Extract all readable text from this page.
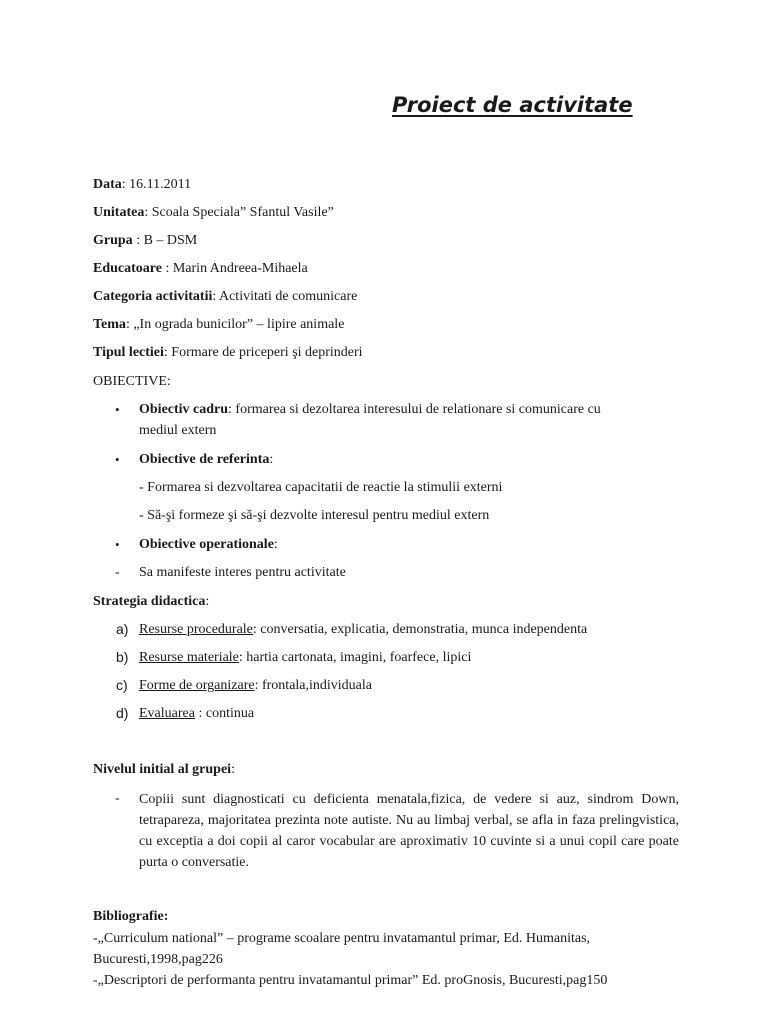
Proiect de activitate
Data: 16.11.2011
Unitatea: Scoala Speciala” Sfantul Vasile”
Grupa : B – DSM
Educatoare : Marin Andreea-Mihaela
Categoria activitatii: Activitati de comunicare
Tema: „In ograda bunicilor” – lipire animale
Tipul lectiei: Formare de priceperi şi deprinderi
OBIECTIVE:
• Obiectiv cadru: formarea si dezoltarea interesului de relationare si comunicare cu
mediul extern
• Obiective de referinta:
- Formarea si dezvoltarea capacitatii de reactie la stimulii externi
- Să-şi formeze şi să-şi dezvolte interesul pentru mediul extern
• Obiective operationale:
- Sa manifeste interes pentru activitate
Strategia didactica:
a) Resurse procedurale: conversatia, explicatia, demonstratia, munca independenta
b) Resurse materiale: hartia cartonata, imagini, foarfece, lipici
c) Forme de organizare: frontala,individuala
d) Evaluarea : continua
Nivelul initial al grupei:
- Copiii sunt diagnosticati cu deficienta menatala,fizica, de vedere si auz, sindrom Down, tetrapareza, majoritatea prezinta note autiste. Nu au limbaj verbal, se afla in faza prelingvistica, cu exceptia a doi copii al caror vocabular are aproximativ 10 cuvinte si a unui copil care poate purta o conversatie.
Bibliografie:
-„Curriculum national” – programe scoalare pentru invatamantul primar, Ed. Humanitas,
Bucuresti,1998,pag226
-„Descriptori de performanta pentru invatamantul primar” Ed. proGnosis, Bucuresti,pag150
